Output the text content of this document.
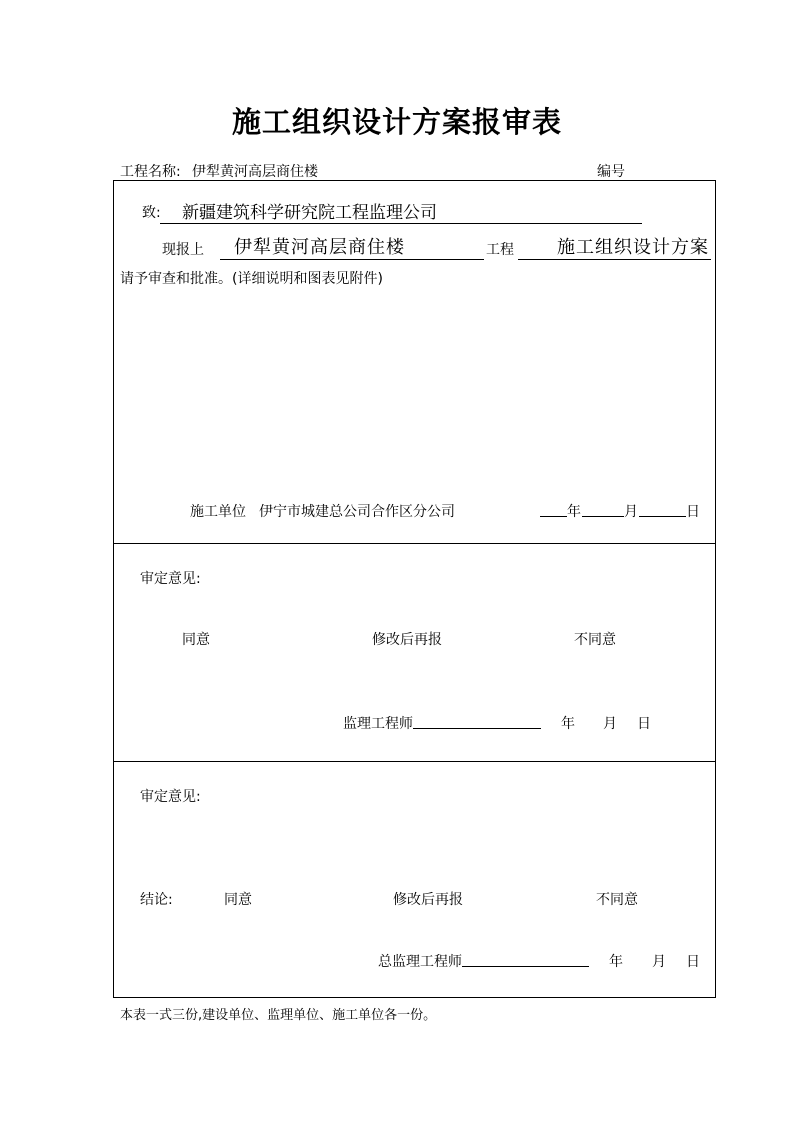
施工组织设计方案报审表
工程名称: 伊犁黄河高层商住楼	编号
致:	新疆建筑科学研究院工程监理公司
现报上	伊犁黄河高层商住楼	工程	施工组织设计方案
请予审查和批准。(详细说明和图表见附件)
施工单位 伊宁市城建总公司合作区分公司	年	月	日
审定意见:
同意	修改后再报	不同意
监理工程师	年 月 日
审定意见:
结论:	同意	修改后再报	不同意
总监理工程师	年 月 日
本表一式三份,建设单位、监理单位、施工单位各一份。
